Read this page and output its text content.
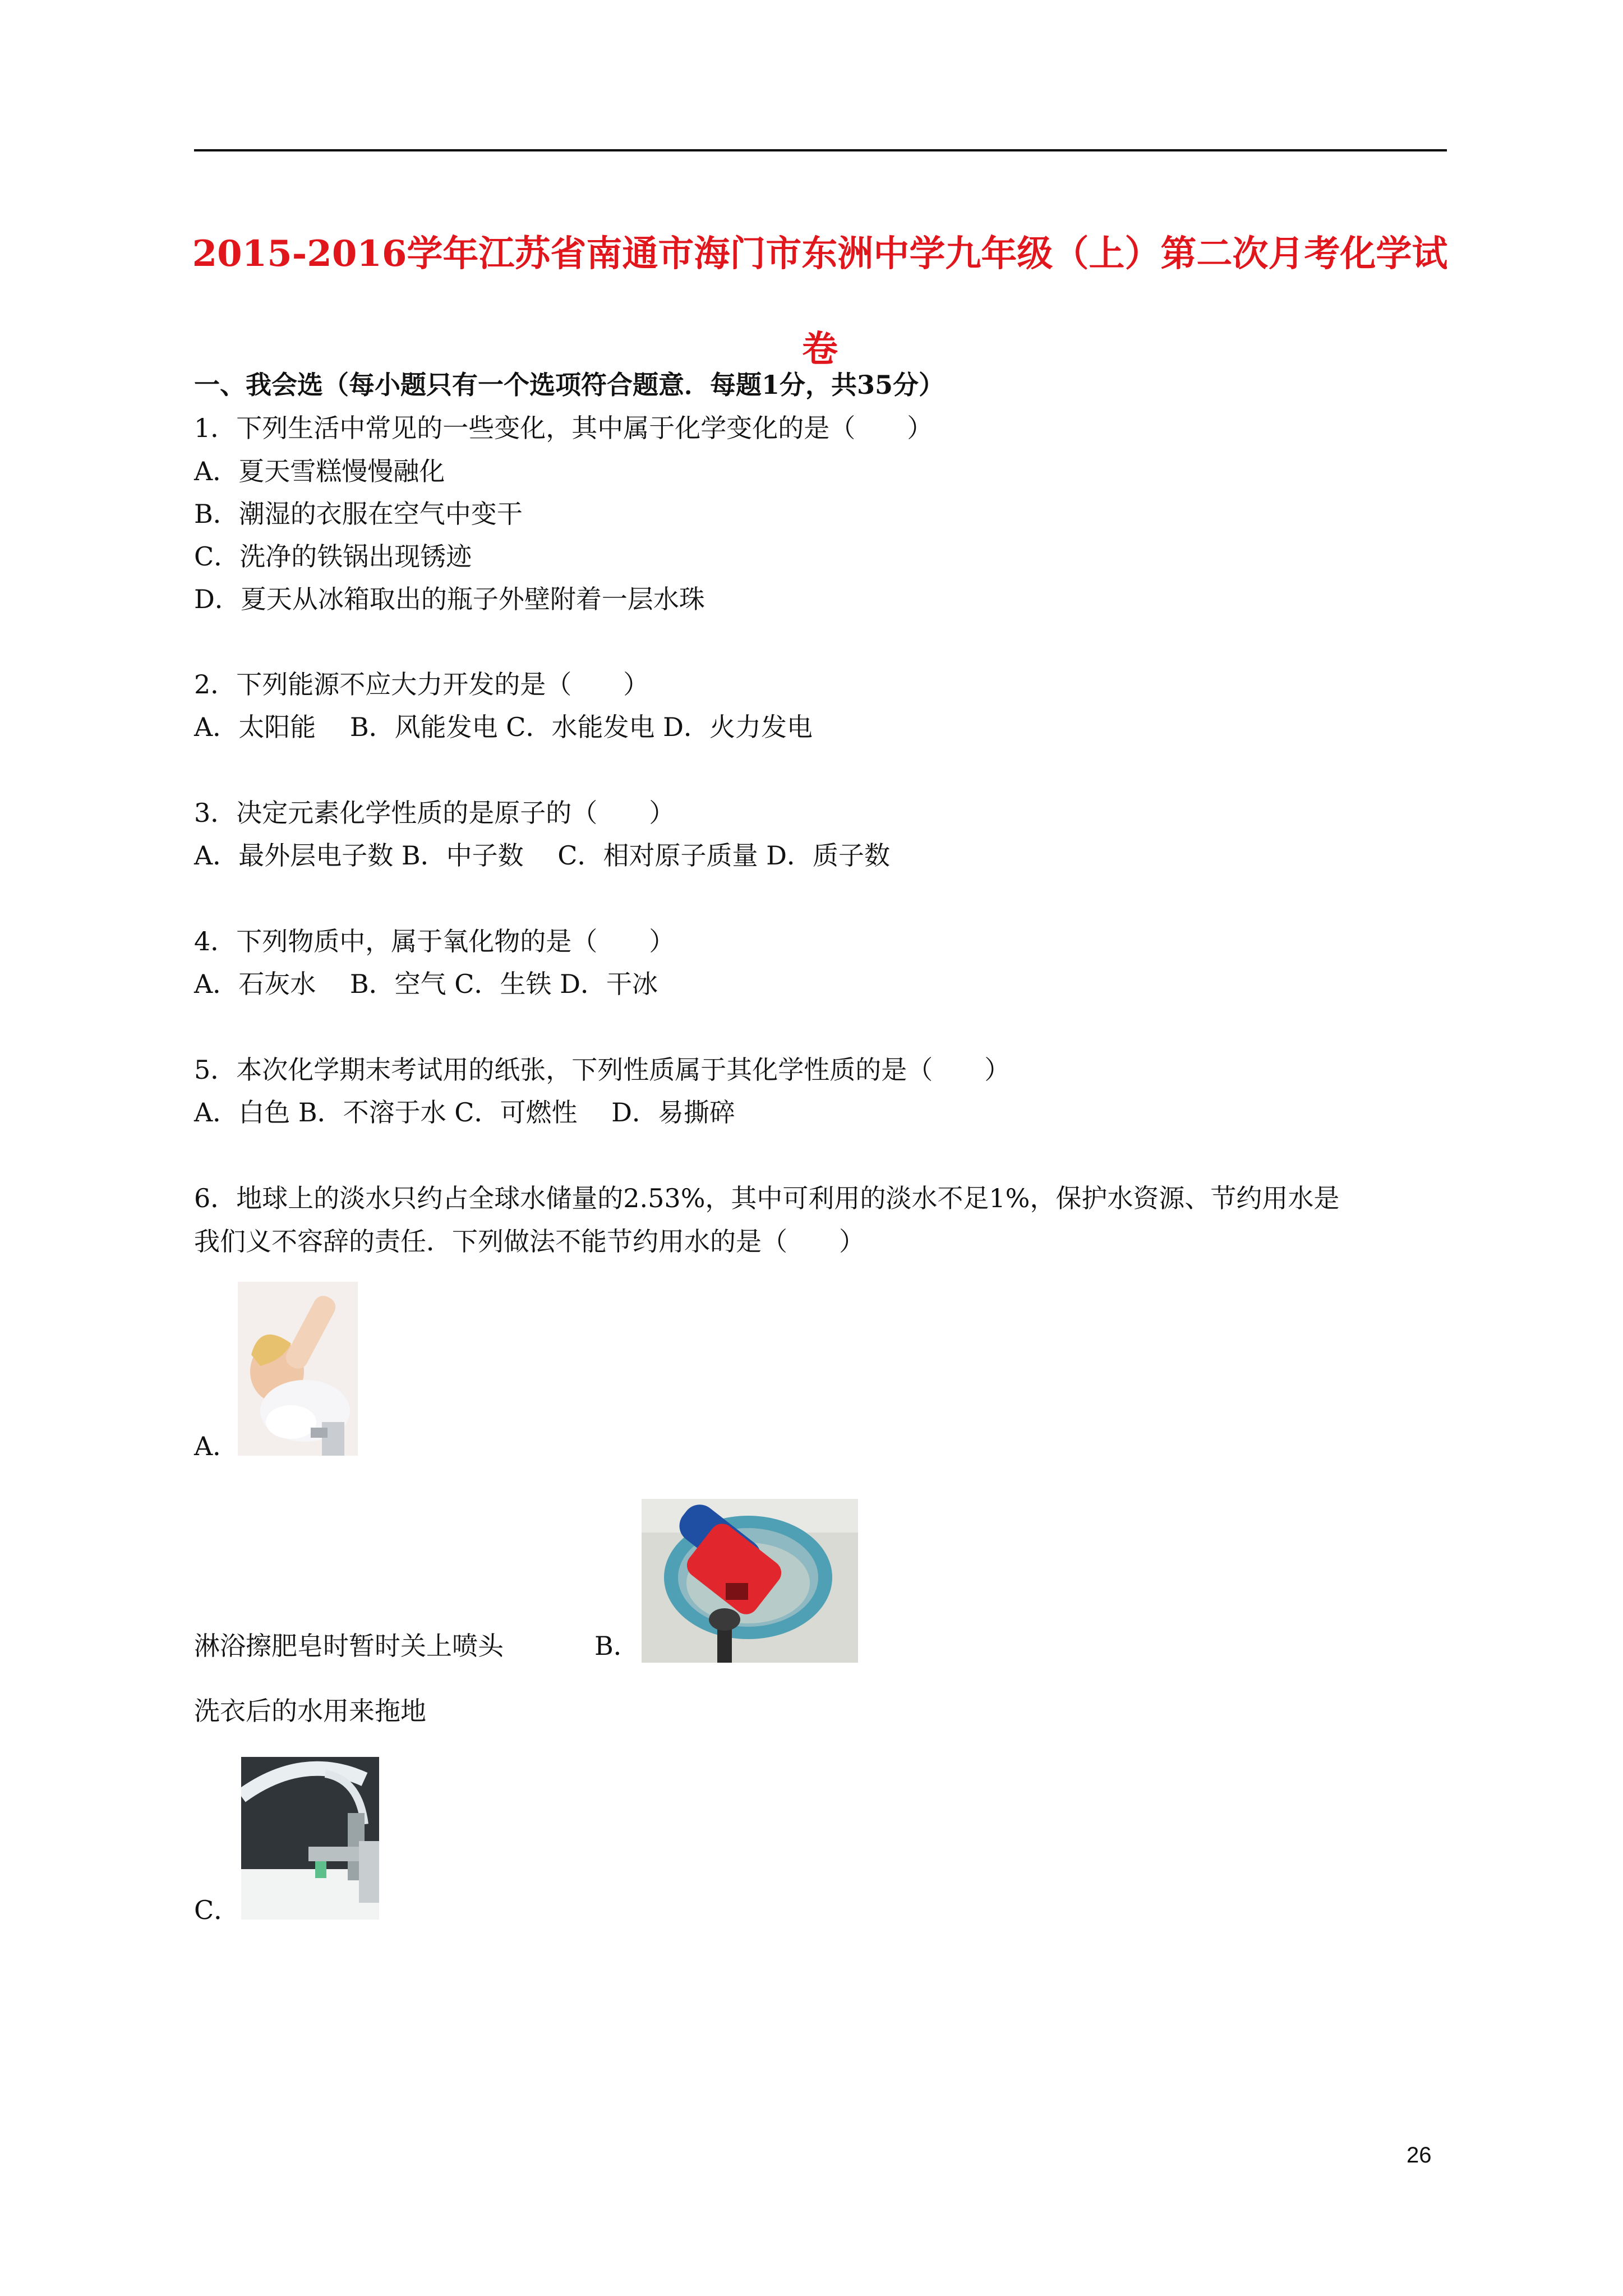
2015-2016学年江苏省南通市海门市东洲中学九年级（上）第二次月考化学试卷
一、我会选（每小题只有一个选项符合题意．每题1分，共35分）
1．下列生活中常见的一些变化，其中属于化学变化的是（　　）
A．夏天雪糕慢慢融化
B．潮湿的衣服在空气中变干
C．洗净的铁锅出现锈迹
D．夏天从冰箱取出的瓶子外壁附着一层水珠
2．下列能源不应大力开发的是（　　）
A．太阳能　 B．风能发电 C．水能发电 D．火力发电
3．决定元素化学性质的是原子的（　　）
A．最外层电子数 B．中子数　 C．相对原子质量 D．质子数
4．下列物质中，属于氧化物的是（　　）
A．石灰水　 B．空气 C．生铁 D．干冰
5．本次化学期末考试用的纸张，下列性质属于其化学性质的是（　　）
A．白色 B．不溶于水 C．可燃性　 D．易撕碎
6．地球上的淡水只约占全球水储量的2.53%，其中可利用的淡水不足1%，保护水资源、节约用水是
我们义不容辞的责任．下列做法不能节约用水的是（　　）
A．
淋浴擦肥皂时暂时关上喷头	B．
洗衣后的水用来拖地
C．
26
